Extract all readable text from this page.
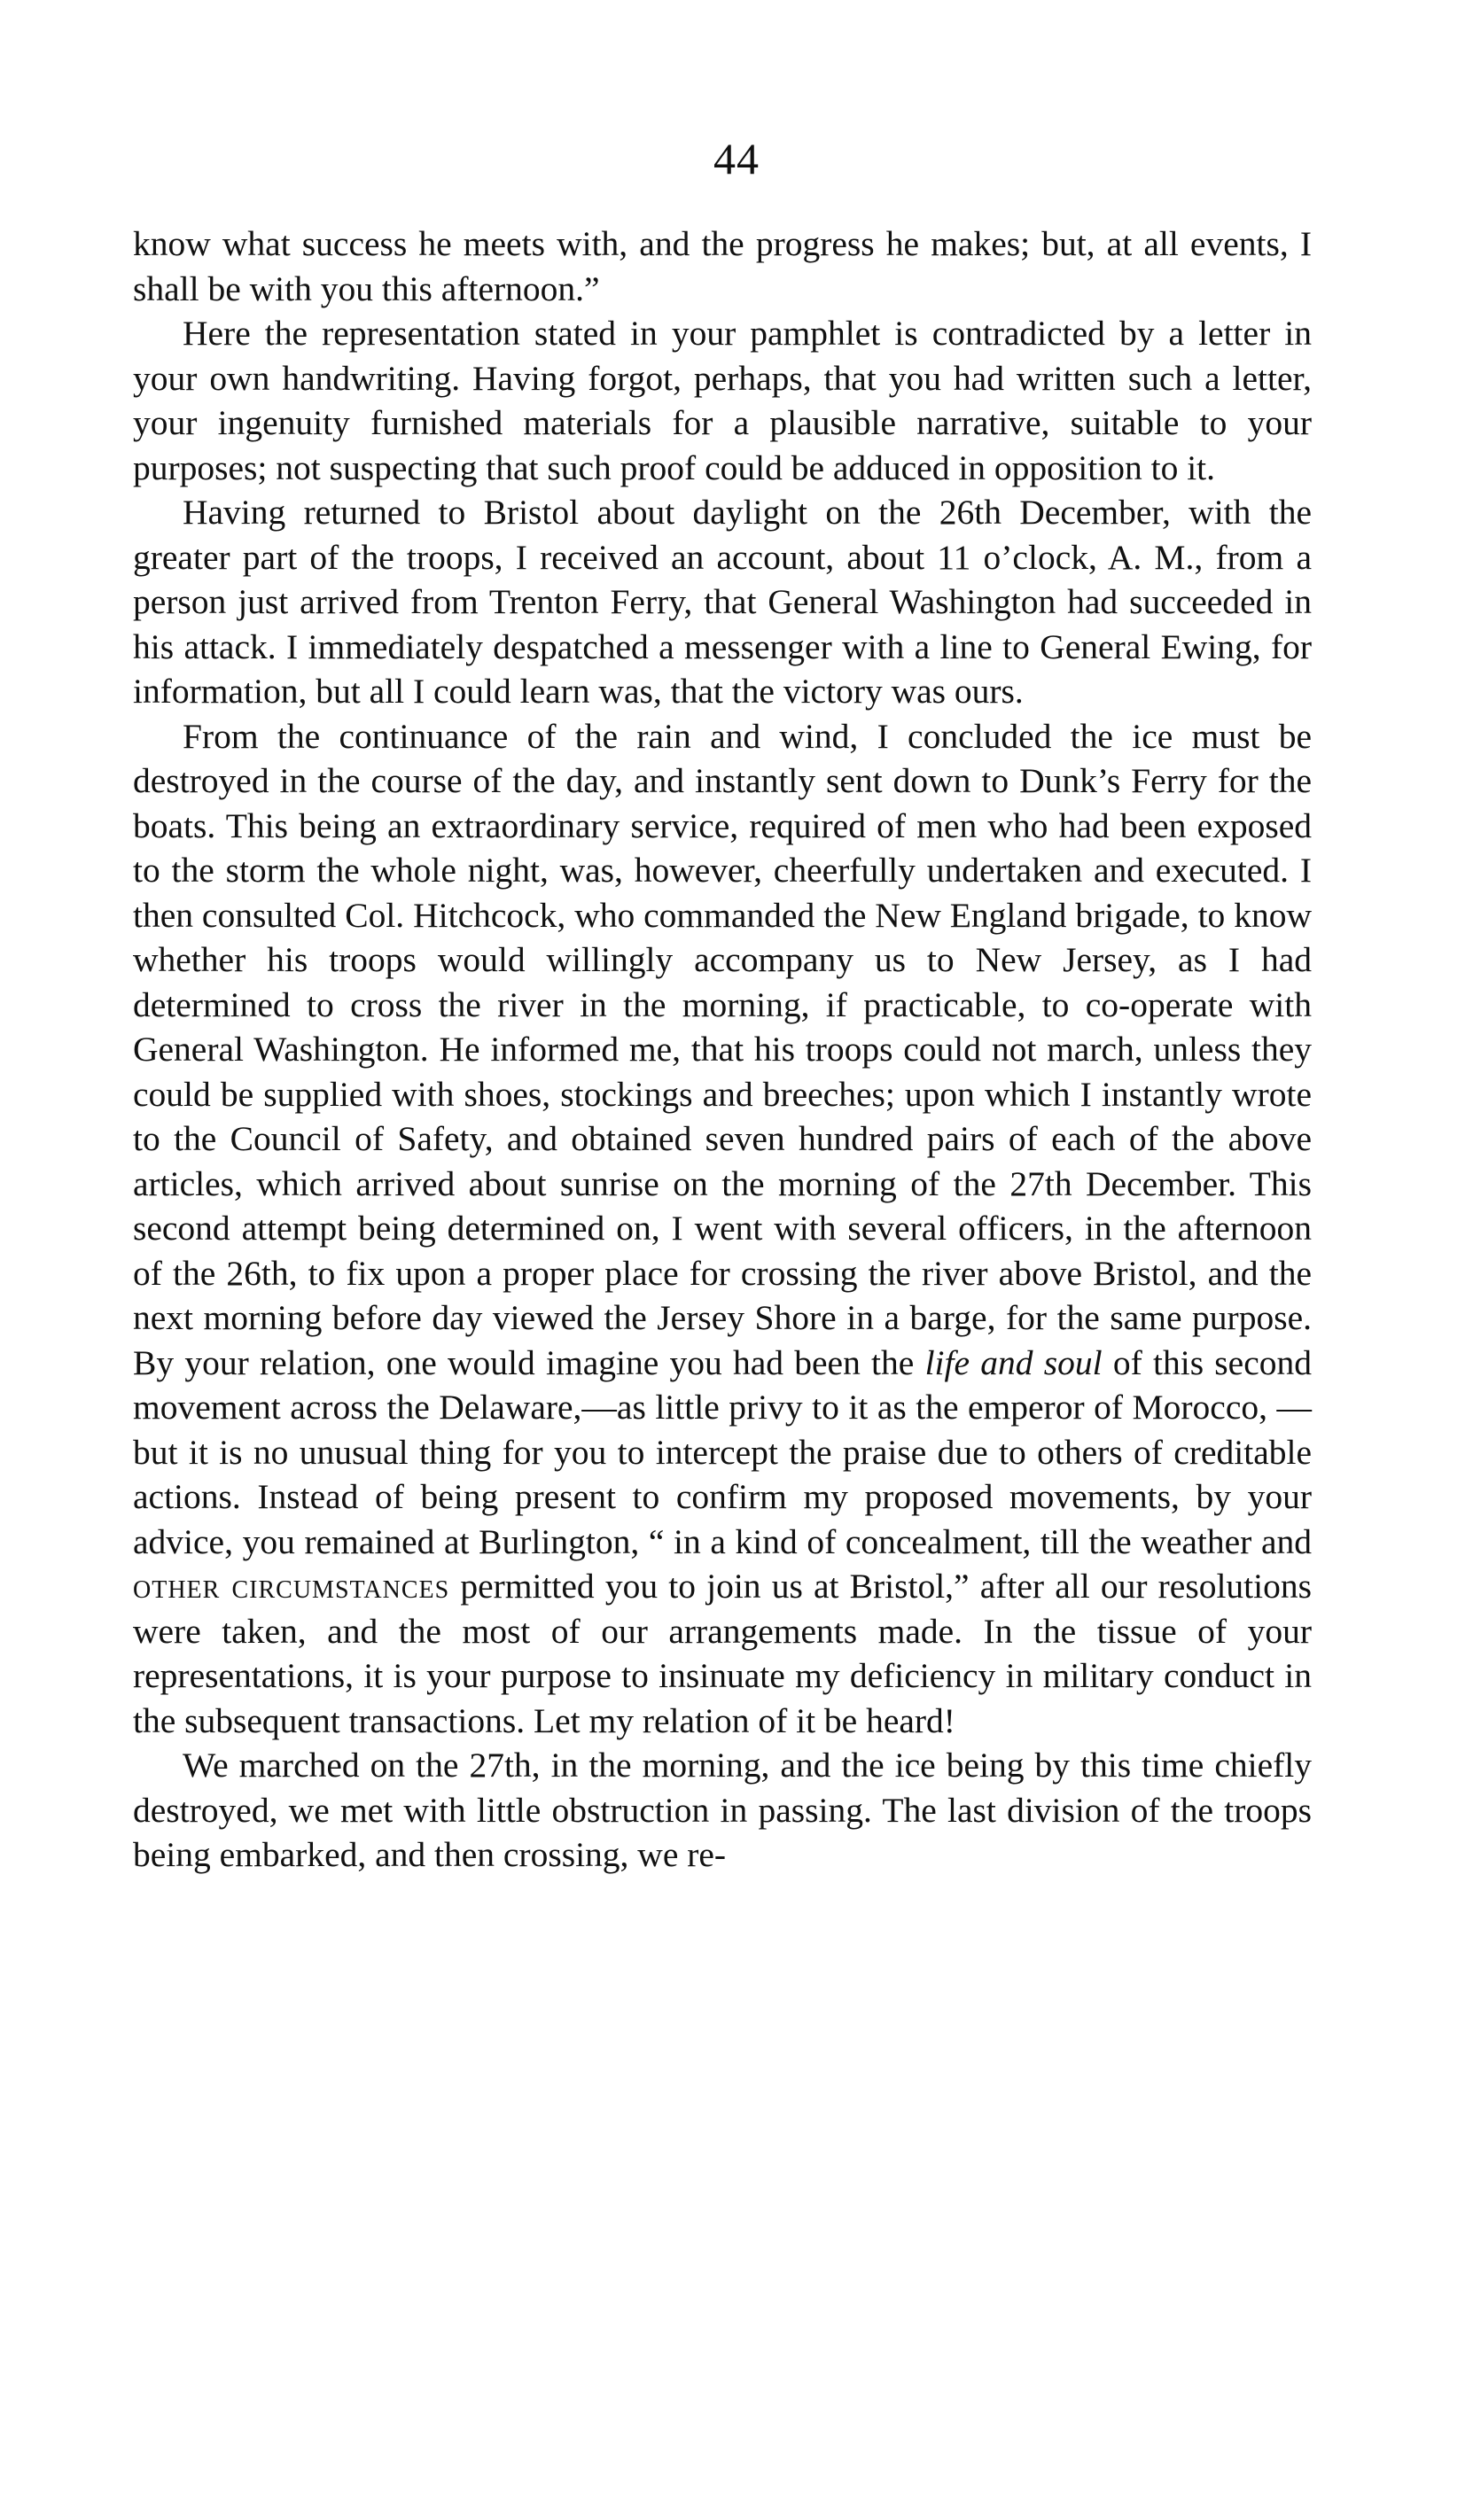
44

know what success he meets with, and the progress he makes; but, at all events, I shall be with you this afternoon.”

Here the representation stated in your pamphlet is contradicted by a letter in your own handwriting. Having forgot, perhaps, that you had written such a letter, your ingenuity furnished materials for a plausible narrative, suitable to your purposes; not suspecting that such proof could be adduced in opposition to it.

Having returned to Bristol about daylight on the 26th December, with the greater part of the troops, I received an account, about 11 o’clock, A. M., from a person just arrived from Trenton Ferry, that General Washington had succeeded in his attack. I immediately despatched a messenger with a line to General Ewing, for information, but all I could learn was, that the victory was ours.

From the continuance of the rain and wind, I concluded the ice must be destroyed in the course of the day, and instantly sent down to Dunk’s Ferry for the boats. This being an extraordinary service, required of men who had been exposed to the storm the whole night, was, however, cheerfully undertaken and executed. I then consulted Col. Hitchcock, who commanded the New England brigade, to know whether his troops would willingly accompany us to New Jersey, as I had determined to cross the river in the morning, if practicable, to co-operate with General Washington. He informed me, that his troops could not march, unless they could be supplied with shoes, stockings and breeches; upon which I instantly wrote to the Council of Safety, and obtained seven hundred pairs of each of the above articles, which arrived about sunrise on the morning of the 27th December. This second attempt being determined on, I went with several officers, in the afternoon of the 26th, to fix upon a proper place for crossing the river above Bristol, and the next morning before day viewed the Jersey Shore in a barge, for the same purpose. By your relation, one would imagine you had been the life and soul of this second movement across the Delaware,—as little privy to it as the emperor of Morocco, —but it is no unusual thing for you to intercept the praise due to others of creditable actions. Instead of being present to confirm my proposed movements, by your advice, you remained at Burlington, “ in a kind of concealment, till the weather and other circumstances permitted you to join us at Bristol,” after all our resolutions were taken, and the most of our arrangements made. In the tissue of your representations, it is your purpose to insinuate my deficiency in military conduct in the subsequent transactions. Let my relation of it be heard!

We marched on the 27th, in the morning, and the ice being by this time chiefly destroyed, we met with little obstruction in passing. The last division of the troops being embarked, and then crossing, we re-
